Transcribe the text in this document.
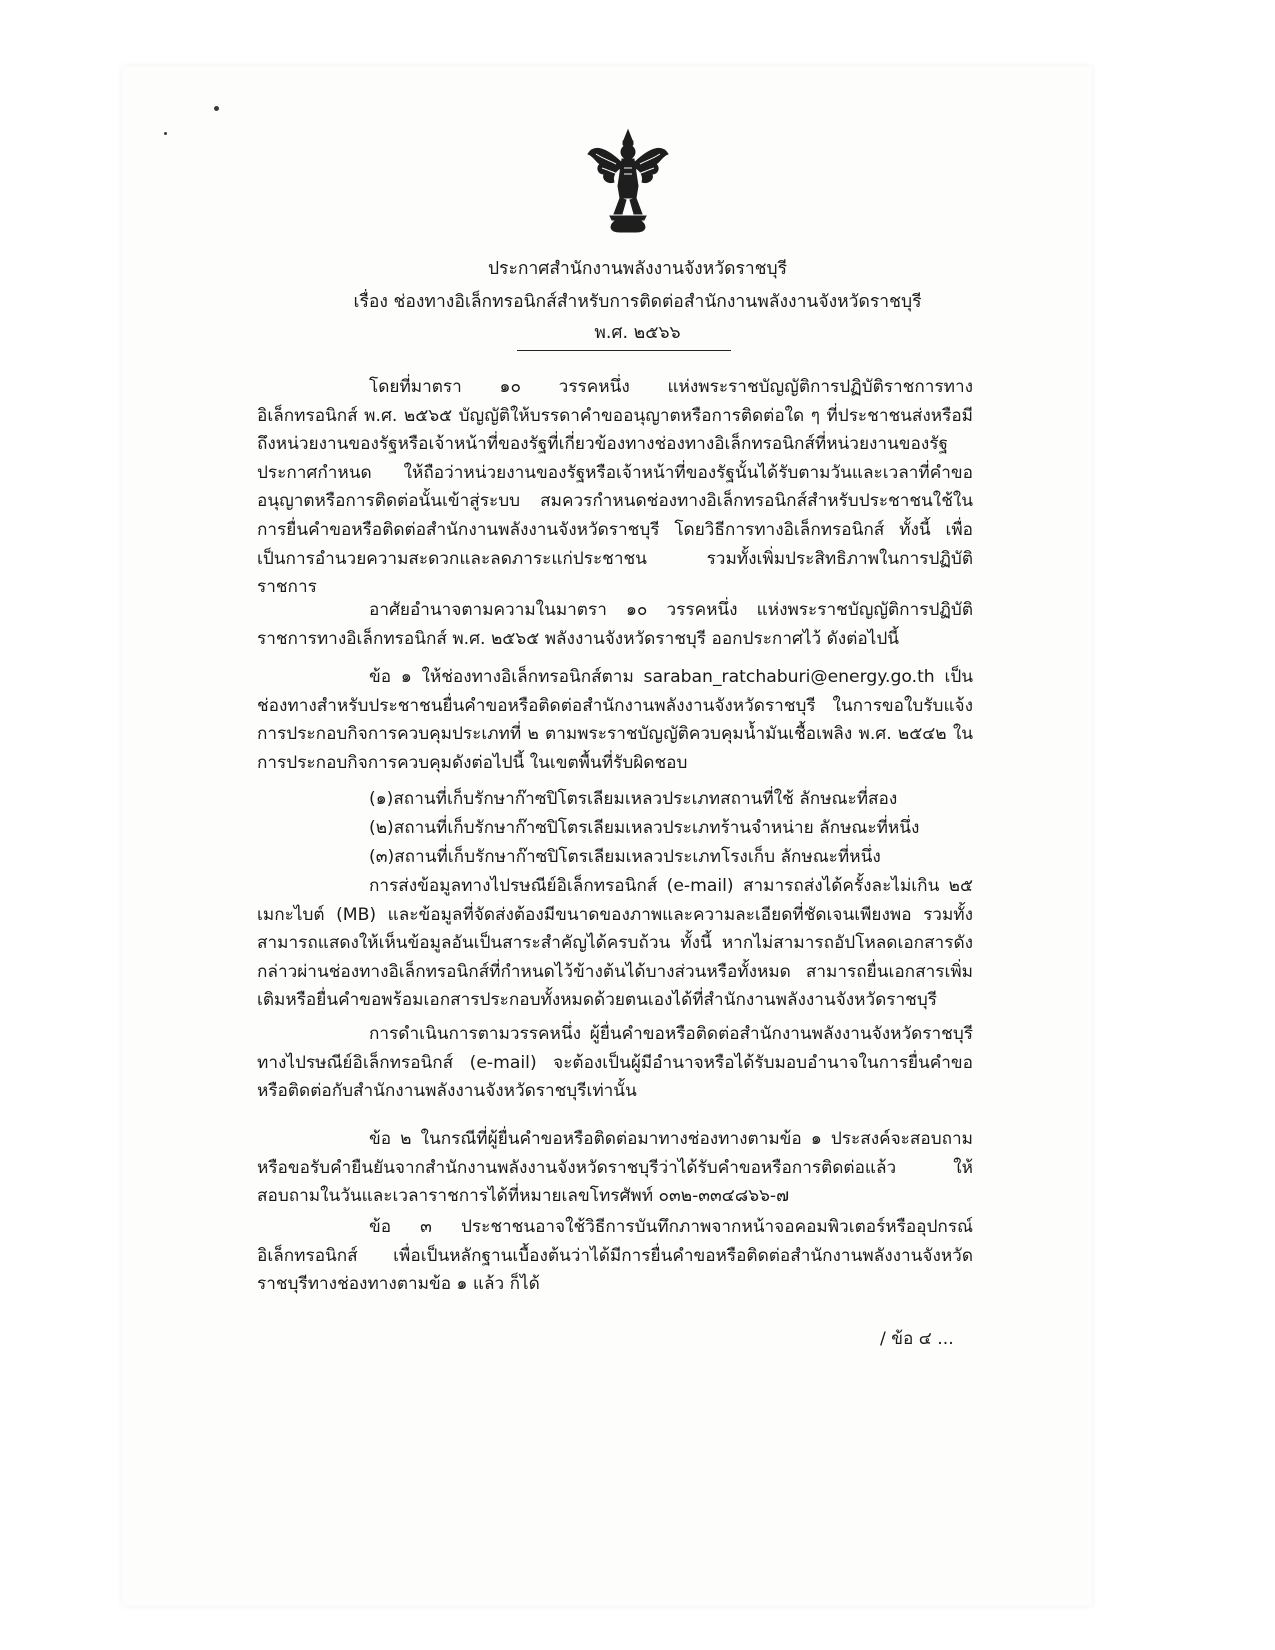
ประกาศสำนักงานพลังงานจังหวัดราชบุรี
เรื่อง ช่องทางอิเล็กทรอนิกส์สำหรับการติดต่อสำนักงานพลังงานจังหวัดราชบุรี
พ.ศ. ๒๕๖๖

โดยที่มาตรา ๑๐ วรรคหนึ่ง แห่งพระราชบัญญัติการปฏิบัติราชการทางอิเล็กทรอนิกส์ พ.ศ. ๒๕๖๕ บัญญัติให้บรรดาคำขออนุญาตหรือการติดต่อใด ๆ ที่ประชาชนส่งหรือมีถึงหน่วยงานของรัฐหรือเจ้าหน้าที่ของรัฐที่เกี่ยวข้องทางช่องทางอิเล็กทรอนิกส์ที่หน่วยงานของรัฐประกาศกำหนด ให้ถือว่าหน่วยงานของรัฐหรือเจ้าหน้าที่ของรัฐนั้นได้รับตามวันและเวลาที่คำขออนุญาตหรือการติดต่อนั้นเข้าสู่ระบบ สมควรกำหนดช่องทางอิเล็กทรอนิกส์สำหรับประชาชนใช้ในการยื่นคำขอหรือติดต่อสำนักงานพลังงานจังหวัดราชบุรี โดยวิธีการทางอิเล็กทรอนิกส์ ทั้งนี้ เพื่อเป็นการอำนวยความสะดวกและลดภาระแก่ประชาชน รวมทั้งเพิ่มประสิทธิภาพในการปฏิบัติราชการ

อาศัยอำนาจตามความในมาตรา ๑๐ วรรคหนึ่ง แห่งพระราชบัญญัติการปฏิบัติราชการทางอิเล็กทรอนิกส์ พ.ศ. ๒๕๖๕ พลังงานจังหวัดราชบุรี ออกประกาศไว้ ดังต่อไปนี้

ข้อ ๑ ให้ช่องทางอิเล็กทรอนิกส์ตาม saraban_ratchaburi@energy.go.th เป็นช่องทางสำหรับประชาชนยื่นคำขอหรือติดต่อสำนักงานพลังงานจังหวัดราชบุรี ในการขอใบรับแจ้งการประกอบกิจการควบคุมประเภทที่ ๒ ตามพระราชบัญญัติควบคุมน้ำมันเชื้อเพลิง พ.ศ. ๒๕๔๒ ในการประกอบกิจการควบคุมดังต่อไปนี้ ในเขตพื้นที่รับผิดชอบ

(๑)สถานที่เก็บรักษาก๊าซปิโตรเลียมเหลวประเภทสถานที่ใช้ ลักษณะที่สอง
(๒)สถานที่เก็บรักษาก๊าซปิโตรเลียมเหลวประเภทร้านจำหน่าย ลักษณะที่หนึ่ง
(๓)สถานที่เก็บรักษาก๊าซปิโตรเลียมเหลวประเภทโรงเก็บ ลักษณะที่หนึ่ง

การส่งข้อมูลทางไปรษณีย์อิเล็กทรอนิกส์ (e-mail) สามารถส่งได้ครั้งละไม่เกิน ๒๕ เมกะไบต์ (MB) และข้อมูลที่จัดส่งต้องมีขนาดของภาพและความละเอียดที่ชัดเจนเพียงพอ รวมทั้งสามารถแสดงให้เห็นข้อมูลอันเป็นสาระสำคัญได้ครบถ้วน ทั้งนี้ หากไม่สามารถอัปโหลดเอกสารดังกล่าวผ่านช่องทางอิเล็กทรอนิกส์ที่กำหนดไว้ข้างต้นได้บางส่วนหรือทั้งหมด สามารถยื่นเอกสารเพิ่มเติมหรือยื่นคำขอพร้อมเอกสารประกอบทั้งหมดด้วยตนเองได้ที่สำนักงานพลังงานจังหวัดราชบุรี

การดำเนินการตามวรรคหนึ่ง ผู้ยื่นคำขอหรือติดต่อสำนักงานพลังงานจังหวัดราชบุรีทางไปรษณีย์อิเล็กทรอนิกส์ (e-mail) จะต้องเป็นผู้มีอำนาจหรือได้รับมอบอำนาจในการยื่นคำขอหรือติดต่อกับสำนักงานพลังงานจังหวัดราชบุรีเท่านั้น

ข้อ ๒ ในกรณีที่ผู้ยื่นคำขอหรือติดต่อมาทางช่องทางตามข้อ ๑ ประสงค์จะสอบถามหรือขอรับคำยืนยันจากสำนักงานพลังงานจังหวัดราชบุรีว่าได้รับคำขอหรือการติดต่อแล้ว ให้สอบถามในวันและเวลาราชการได้ที่หมายเลขโทรศัพท์ ๐๓๒-๓๓๔๘๖๖-๗

ข้อ ๓ ประชาชนอาจใช้วิธีการบันทึกภาพจากหน้าจอคอมพิวเตอร์หรืออุปกรณ์อิเล็กทรอนิกส์ เพื่อเป็นหลักฐานเบื้องต้นว่าได้มีการยื่นคำขอหรือติดต่อสำนักงานพลังงานจังหวัดราชบุรีทางช่องทางตามข้อ ๑ แล้ว ก็ได้

/ ข้อ ๔ ...
